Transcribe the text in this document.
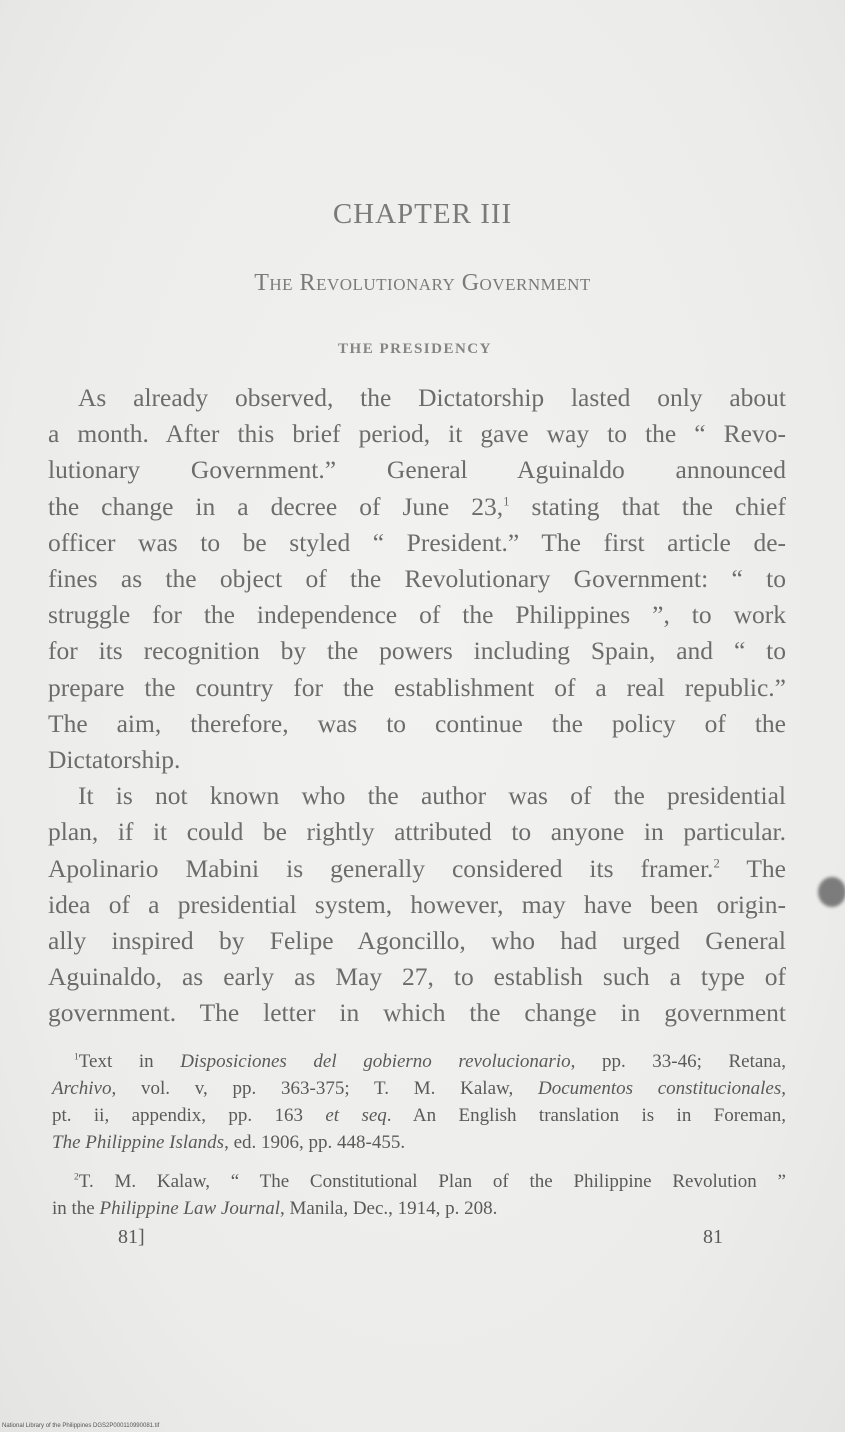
CHAPTER III
The Revolutionary Government
THE PRESIDENCY
As already observed, the Dictatorship lasted only about
a month. After this brief period, it gave way to the “ Revo-
lutionary Government.” General Aguinaldo announced
the change in a decree of June 23,$^1$ stating that the chief
officer was to be styled “ President.” The first article de-
fines as the object of the Revolutionary Government: “ to
struggle for the independence of the Philippines ”, to work
for its recognition by the powers including Spain, and “ to
prepare the country for the establishment of a real republic.”
The aim, therefore, was to continue the policy of the
Dictatorship.
It is not known who the author was of the presidential
plan, if it could be rightly attributed to anyone in particular.
Apolinario Mabini is generally considered its framer.$^2$ The
idea of a presidential system, however, may have been origin-
ally inspired by Felipe Agoncillo, who had urged General
Aguinaldo, as early as May 27, to establish such a type of
government. The letter in which the change in government
$^1$Text in Disposiciones del gobierno revolucionario, pp. 33-46; Retana,
Archivo, vol. v, pp. 363-375; T. M. Kalaw, Documentos constitucionales,
pt. ii, appendix, pp. 163 et seq. An English translation is in Foreman,
The Philippine Islands, ed. 1906, pp. 448-455.
$^2$T. M. Kalaw, “ The Constitutional Plan of the Philippine Revolution ”
in the Philippine Law Journal, Manila, Dec., 1914, p. 208.
81]	81
National Library of the Philippines DGS2P000110990081.tif
